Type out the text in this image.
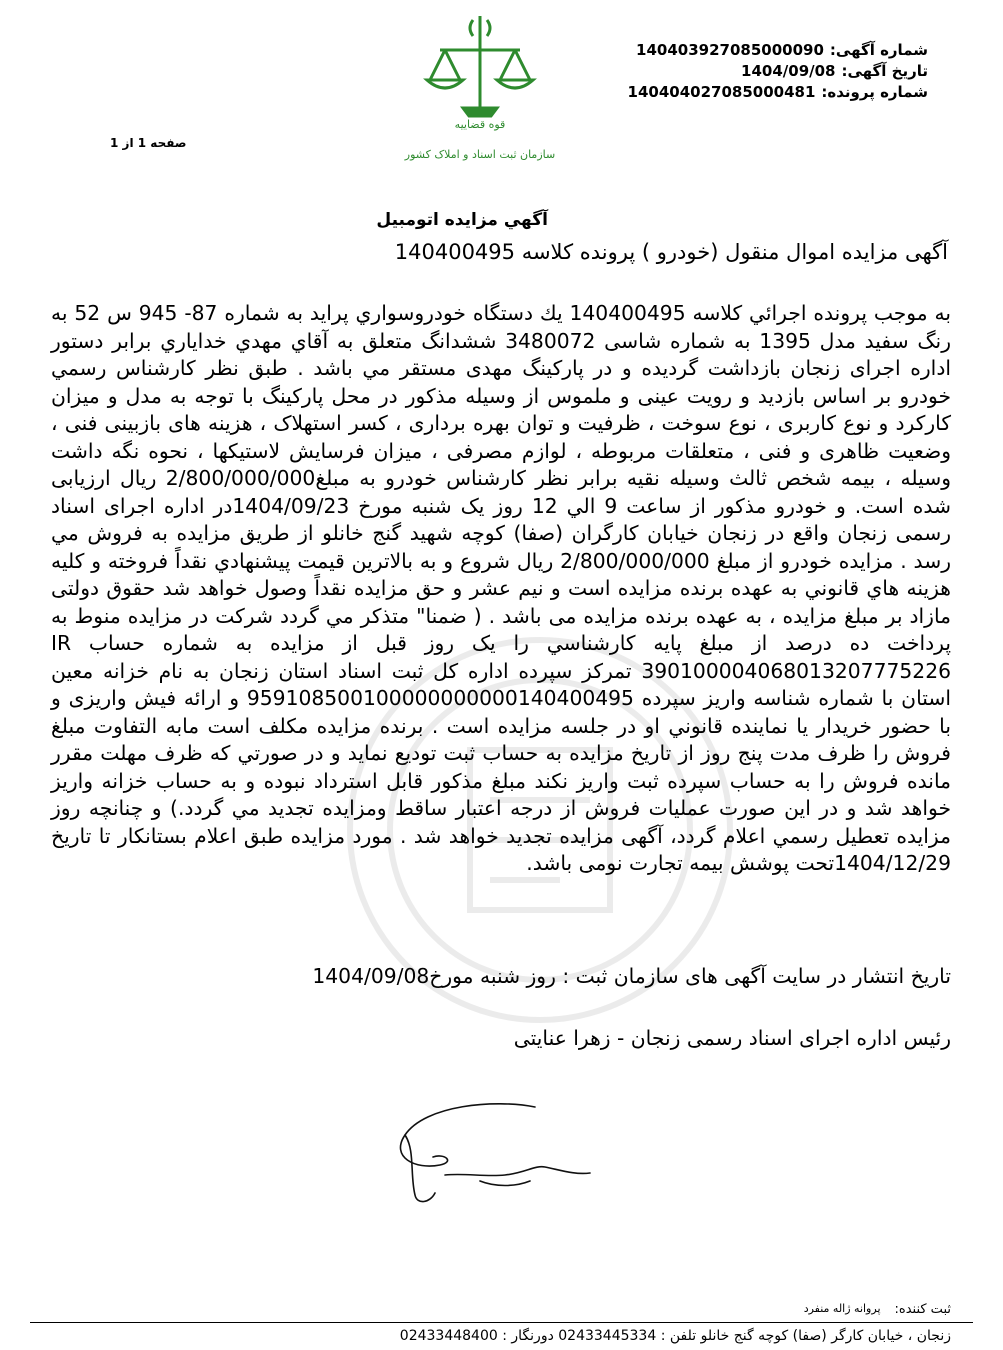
شماره آگهی:
14040392708500009​0
تاریخ آگهی:
1404/09/08
شماره پرونده:
140404027085000481
قوه قضاییه
سازمان ثبت اسناد و املاک کشور
صفحه 1 از 1
آگهي مزايده اتومبيل
آگهی مزایده اموال منقول (خودرو ) پرونده کلاسه 140400495
به موجب پرونده اجرائي كلاسه 140400495 يك دستگاه خودروسواري پرايد به شماره 87- 945 س 52 به رنگ سفيد مدل 1395 به شماره شاسی 3480072 ششدانگ متعلق به آقاي مهدي خداياري برابر دستور اداره اجرای زنجان بازداشت گردیده و در پارکینگ مهدی مستقر مي باشد . طبق نظر کارشناس رسمي خودرو بر اساس بازدید و رویت عینی و ملموس از وسیله مذکور در محل پارکینگ با توجه به مدل و میزان کارکرد و نوع کاربری ، نوع سوخت ، ظرفیت و توان بهره برداری ، کسر استهلاک ، هزینه های بازبینی فنی ، وضعیت ظاهری و فنی ، متعلقات مربوطه ، لوازم مصرفی ، میزان فرسایش لاستیکها ، نحوه نگه داشت وسیله ، بیمه شخص ثالث وسیله نقیه برابر نظر کارشناس خودرو به مبلغ2/800/000/000 ريال ارزيابی شده است. و خودرو مذکور از ساعت 9 الي 12 روز یک شنبه مورخ 1404/09/23در اداره اجرای اسناد رسمی زنجان واقع در زنجان خیابان کارگران (صفا) کوچه شهید گنج خانلو از طريق مزايده به فروش مي رسد . مزايده خودرو از مبلغ 2/800/000/000 ريال شروع و به بالاترين قيمت پيشنهادي نقداً فروخته و كليه هزينه هاي قانوني به عهده برنده مزايده است و نيم عشر و حق مزايده نقداً وصول خواهد شد حقوق دولتی مازاد بر مبلغ مزایده ، به عهده برنده مزایده می باشد . ( ضمنا" متذکر مي گردد شرکت در مزايده منوط به پرداخت ده درصد از مبلغ پايه کارشناسي را يک روز قبل از مزايده به شماره حساب IR 390100004068013207775226 تمرکز سپرده اداره کل ثبت اسناد استان زنجان به نام خزانه معین استان با شماره شناسه واريز سپرده 959108500100000000000140400495 و ارائه فيش واريزی و با حضور خریدار یا نماینده قانوني او در جلسه مزايده است . برنده مزایده مکلف است مابه التفاوت مبلغ فروش را ظرف مدت پنج روز از تاریخ مزایده به حساب ثبت توديع نماید و در صورتي که ظرف مهلت مقرر مانده فروش را به حساب سپرده ثبت واريز نکند مبلغ مذکور قابل استرداد نبوده و به حساب خزانه واريز خواهد شد و در اين صورت عمليات فروش از درجه اعتبار ساقط ومزايده تجديد مي گردد.) و چنانچه روز مزايده تعطيل رسمي اعلام گردد، آگهی مزايده تجديد خواهد شد . مورد مزايده طبق اعلام بستانكار تا تاريخ 1404/12/29تحت پوشش بيمه تجارت نومی باشد.
تاریخ انتشار در سایت آگهی های سازمان ثبت : روز شنبه مورخ1404/09/08
رئیس اداره اجرای اسناد رسمی زنجان - زهرا عنایتی
ثبت کننده:
پروانه ژاله منفرد
زنجان ، خیابان کارگر (صفا) کوچه گنج خانلو تلفن : 02433445334 دورنگار : 02433448400
